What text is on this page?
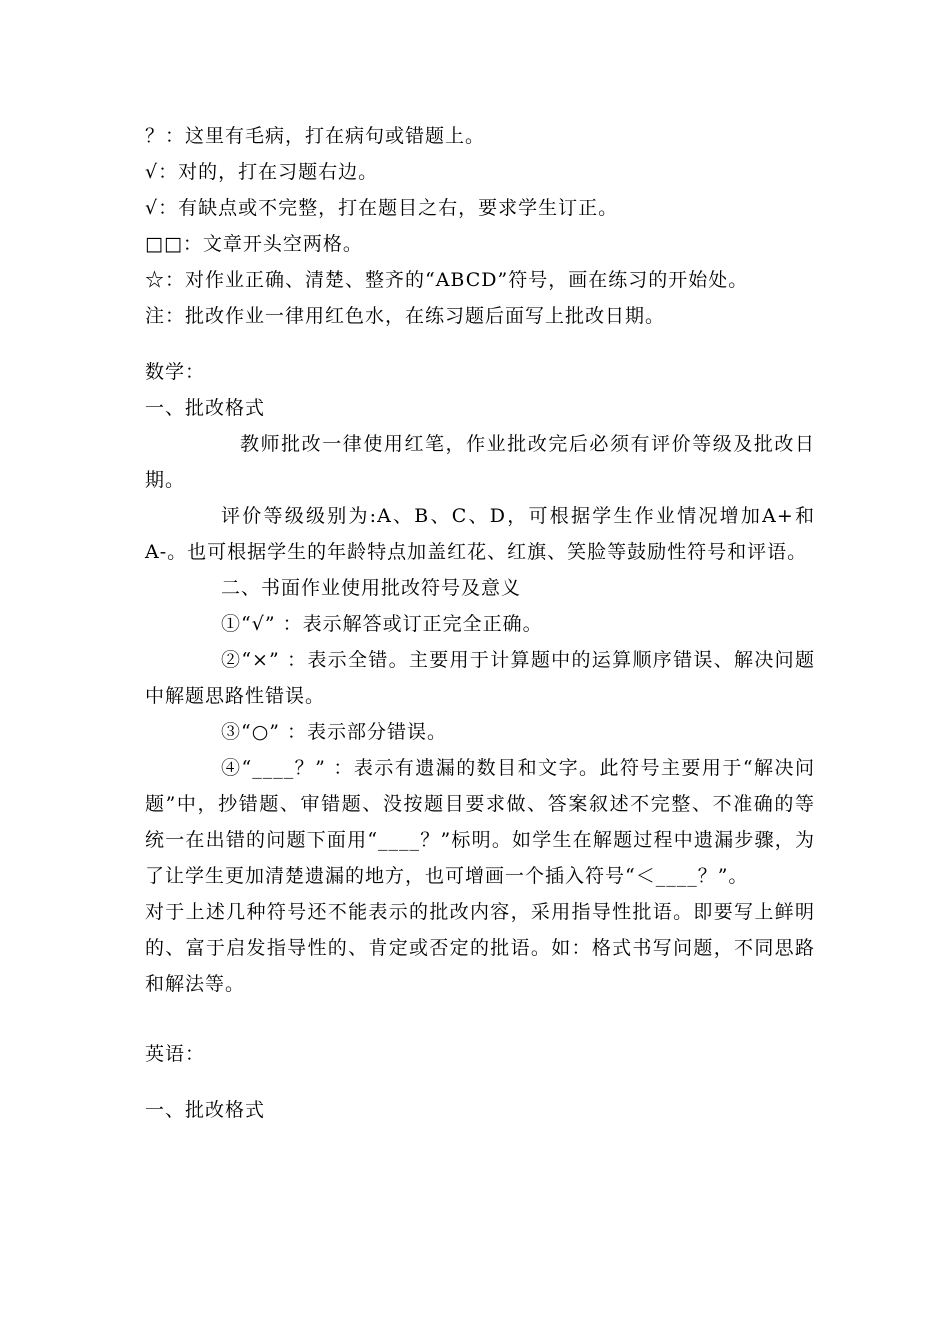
？：这里有毛病，打在病句或错题上。
√：对的，打在习题右边。
√：有缺点或不完整，打在题目之右，要求学生订正。
□□：文章开头空两格。
☆：对作业正确、清楚、整齐的“ABCD”符号，画在练习的开始处。
注：批改作业一律用红色水，在练习题后面写上批改日期。
数学：
一、批改格式

教师批改一律使用红笔，作业批改完后必须有评价等级及批改日期。

评价等级级别为:A、B、C、D，可根据学生作业情况增加A+和A-。也可根据学生的年龄特点加盖红花、红旗、笑脸等鼓励性符号和评语。

二、书面作业使用批改符号及意义
①“√” ：表示解答或订正完全正确。

②“×” ：表示全错。主要用于计算题中的运算顺序错误、解决问题中解题思路性错误。

③“○” ：表示部分错误。

④“____？” ：表示有遗漏的数目和文字。此符号主要用于“解决问题”中，抄错题、审错题、没按题目要求做、答案叙述不完整、不准确的等统一在出错的问题下面用“____？”标明。如学生在解题过程中遗漏步骤，为了让学生更加清楚遗漏的地方，也可增画一个插入符号“＜____？”。

对于上述几种符号还不能表示的批改内容，采用指导性批语。即要写上鲜明的、富于启发指导性的、肯定或否定的批语。如：格式书写问题，不同思路和解法等。

英语：
一、批改格式
